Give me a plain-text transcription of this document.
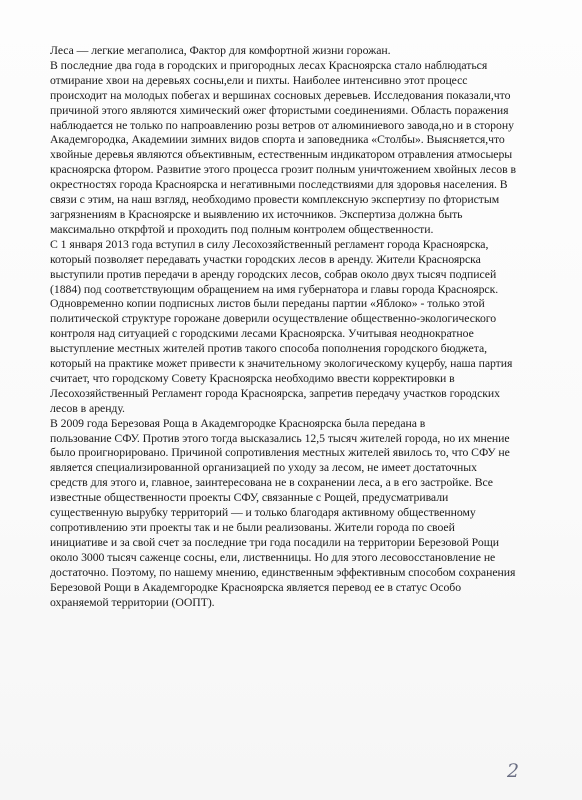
Леса — легкие мегаполиса, Фактор для комфортной жизни горожан.

В последние два года в городских и пригородных лесах Красноярска стало наблюдаться
отмирание хвои на деревьях сосны,ели и пихты. Наиболее интенсивно этот процесс
происходит на молодых побегах и вершинах сосновых деревьев. Исследования показали,что
причиной этого являются химический ожег фтористыми соединениями. Область поражения
наблюдается не только по напроавлению розы ветров от алюминиевого завода,но и в сторону
Академгородка, Академиии зимних видов спорта и заповедника «Столбы». Выясняется,что
хвойные деревья являются объективным, естественным индикатором отравления атмосыеры
красноярска фтором. Развитие этого процесса грозит полным уничтожением хвойных лесов в
окрестностях города Красноярска и негативными последствиями для здоровья населения. В
связи с этим, на наш взгляд, необходимо провести комплексную экспертизу по фтористым
загрязнениям в Красноярске и выявлению их источников. Экспертиза должна быть
максимально открфтой и проходить под полным контролем общественности.

С 1 января 2013 года вступил в силу Лесохозяйственный регламент города Красноярска,
который позволяет передавать участки городских лесов в аренду. Жители Красноярска
выступили против передачи в аренду городских лесов, собрав около двух тысяч подписей
(1884) под соответствующим обращением на имя губернатора и главы города Красноярск.
Одновременно копии подписных листов были переданы партии «Яблоко» - только этой
политической структуре горожане доверили осуществление общественно-экологического
контроля над ситуацией с городскими лесами Красноярска. Учитывая неоднократное
выступление местных жителей против такого способа пополнения городского бюджета,
который на практике может привести к значительному экологическому куцербу, наша партия
считает, что городскому Совету Красноярска необходимо ввести корректировки в
Лесохозяйственный Регламент города Красноярска, запретив передачу участков городских
лесов в аренду.

В 2009 года Березовая Роща в Академгородке Красноярска была передана в
пользование СФУ. Против этого тогда высказались 12,5 тысяч жителей города, но их мнение
было проигнорировано. Причиной сопротивления местных жителей явилось то, что СФУ не
является специализированной организацией по уходу за лесом, не имеет достаточных
средств для этого и, главное, заинтересована не в сохранении леса, а в его застройке. Все
известные общественности проекты СФУ, связанные с Рощей, предусматривали
существенную вырубку территорий — и только благодаря активному общественному
сопротивлению эти проекты так и не были реализованы. Жители города по своей
инициативе и за свой счет за последние три года посадили на территории Березовой Рощи
около 3000 тысяч саженце сосны, ели, лиственницы. Но для этого лесовосстановление не
достаточно. Поэтому, по нашему мнению, единственным эффективным способом сохранения
Березовой Рощи в Академгородке Красноярска является перевод ее в статус Особо
охраняемой территории (ООПТ).

2
